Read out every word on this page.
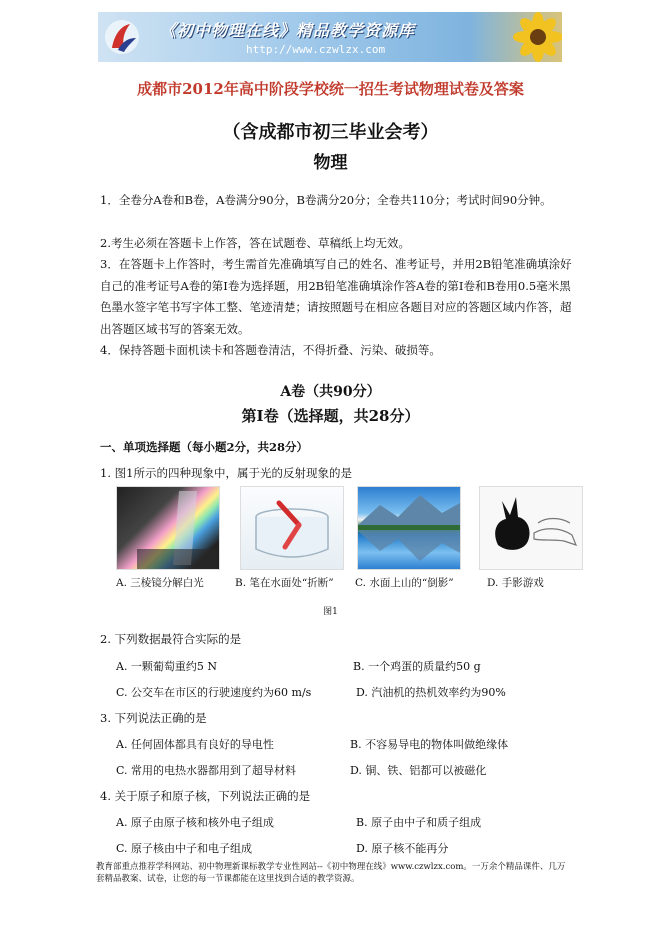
《初中物理在线》精品教学资源库
http://www.czwlzx.com
成都市2012年高中阶段学校统一招生考试物理试卷及答案
（含成都市初三毕业会考）
物理
1．全卷分A卷和B卷，A卷满分90分，B卷满分20分；全卷共110分；考试时间90分钟。
2.考生必须在答题卡上作答，答在试题卷、草稿纸上均无效。
3．在答题卡上作答时，考生需首先准确填写自己的姓名、准考证号，并用2B铅笔准确填涂好自己的准考证号A卷的第Ⅰ卷为选择题，用2B铅笔准确填涂作答A卷的第Ⅰ卷和B卷用0.5毫米黑色墨水签字笔书写字体工整、笔迹清楚；请按照题号在相应各题目对应的答题区域内作答，超出答题区域书写的答案无效。
4．保持答题卡面机读卡和答题卷清洁，不得折叠、污染、破损等。
A卷（共90分）
第Ⅰ卷（选择题，共28分）
一、单项选择题（每小题2分，共28分）
1. 图1所示的四种现象中，属于光的反射现象的是
A. 三棱镜分解白光	B. 笔在水面处“折断” C. 水面上山的“倒影”	D. 手影游戏
图1
2. 下列数据最符合实际的是
A. 一颗葡萄重约5 N	B. 一个鸡蛋的质量约50 g
C. 公交车在市区的行驶速度约为60 m/s	D. 汽油机的热机效率约为90%
3. 下列说法正确的是
A. 任何固体都具有良好的导电性	B. 不容易导电的物体叫做绝缘体
C. 常用的电热水器都用到了超导材料	D. 铜、铁、铝都可以被磁化
4. 关于原子和原子核，下列说法正确的是
A. 原子由原子核和核外电子组成	B. 原子由中子和质子组成
C. 原子核由中子和电子组成	D. 原子核不能再分
教育部重点推荐学科网站、初中物理新课标教学专业性网站--《初中物理在线》www.czwlzx.com。一万余个精品课件、几万套精品教案、试卷，让您的每一节课都能在这里找到合适的教学资源。
